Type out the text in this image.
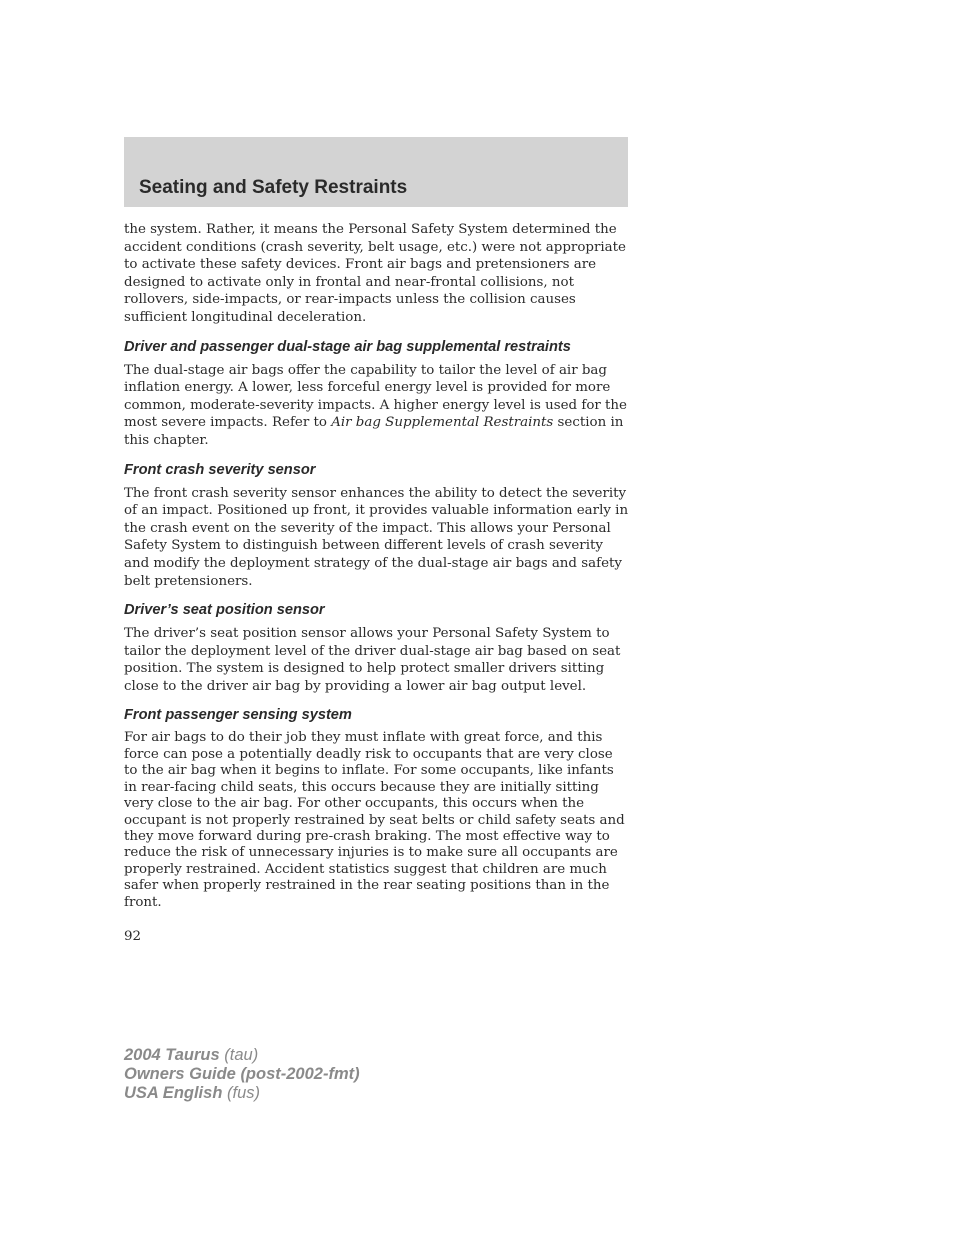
Seating and Safety Restraints

the system. Rather, it means the Personal Safety System determined the accident conditions (crash severity, belt usage, etc.) were not appropriate to activate these safety devices. Front air bags and pretensioners are designed to activate only in frontal and near-frontal collisions, not rollovers, side-impacts, or rear-impacts unless the collision causes sufficient longitudinal deceleration.

Driver and passenger dual-stage air bag supplemental restraints

The dual-stage air bags offer the capability to tailor the level of air bag inflation energy. A lower, less forceful energy level is provided for more common, moderate-severity impacts. A higher energy level is used for the most severe impacts. Refer to Air bag Supplemental Restraints section in this chapter.

Front crash severity sensor

The front crash severity sensor enhances the ability to detect the severity of an impact. Positioned up front, it provides valuable information early in the crash event on the severity of the impact. This allows your Personal Safety System to distinguish between different levels of crash severity and modify the deployment strategy of the dual-stage air bags and safety belt pretensioners.

Driver’s seat position sensor

The driver’s seat position sensor allows your Personal Safety System to tailor the deployment level of the driver dual-stage air bag based on seat position. The system is designed to help protect smaller drivers sitting close to the driver air bag by providing a lower air bag output level.

Front passenger sensing system

For air bags to do their job they must inflate with great force, and this force can pose a potentially deadly risk to occupants that are very close to the air bag when it begins to inflate. For some occupants, like infants in rear-facing child seats, this occurs because they are initially sitting very close to the air bag. For other occupants, this occurs when the occupant is not properly restrained by seat belts or child safety seats and they move forward during pre-crash braking. The most effective way to reduce the risk of unnecessary injuries is to make sure all occupants are properly restrained. Accident statistics suggest that children are much safer when properly restrained in the rear seating positions than in the front.

92

2004 Taurus (tau)
Owners Guide (post-2002-fmt)
USA English (fus)
